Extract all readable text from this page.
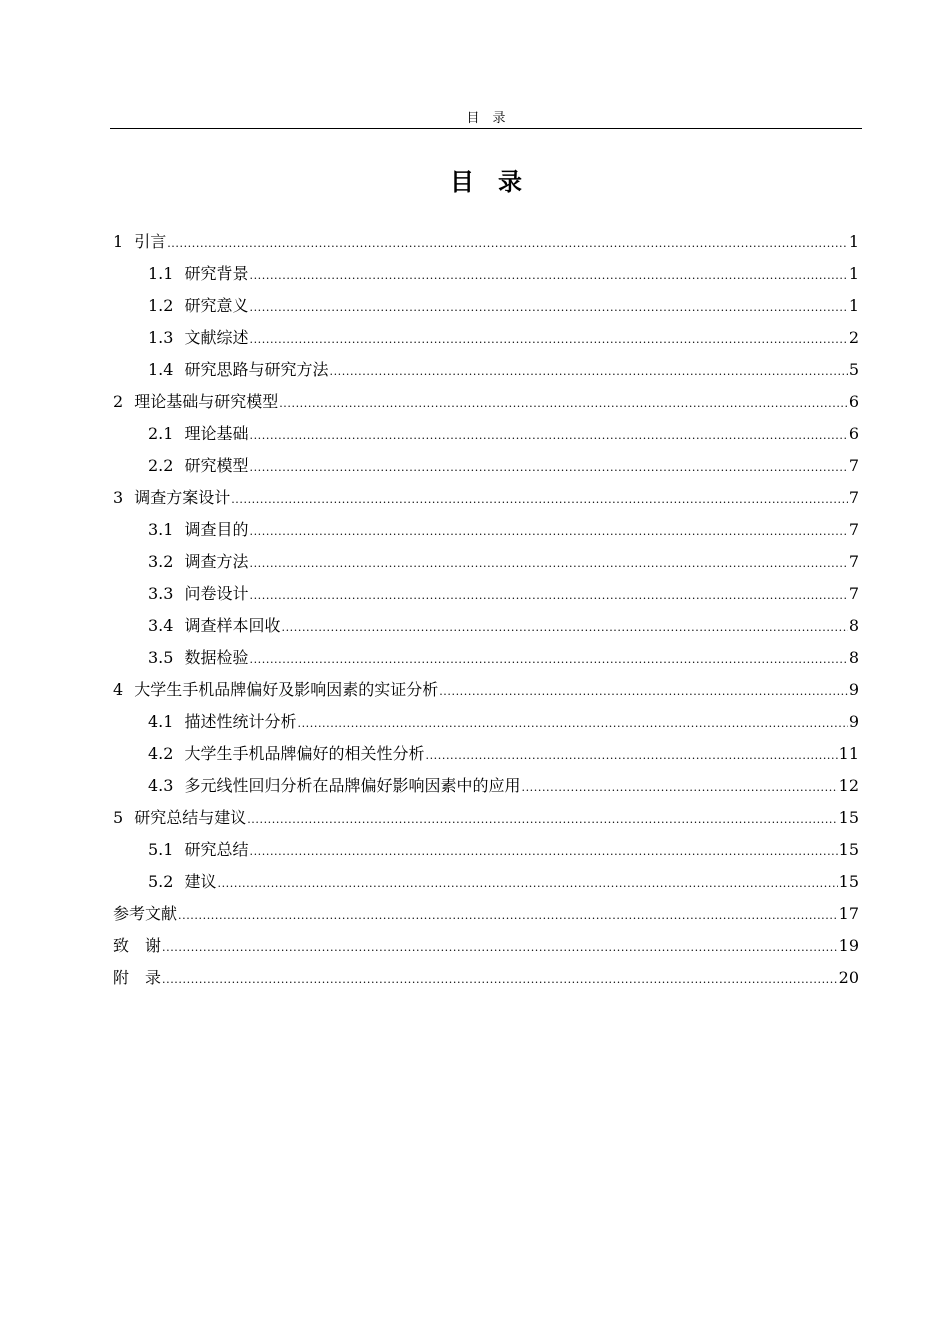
目　录
目　录
1 引言 .....	1
1.1 研究背景 .....	1
1.2 研究意义 .....	1
1.3 文献综述 .....	2
1.4 研究思路与研究方法 .....	5
2 理论基础与研究模型 .....	6
2.1 理论基础 .....	6
2.2 研究模型 .....	7
3 调查方案设计 .....	7
3.1 调查目的 .....	7
3.2 调查方法 .....	7
3.3 问卷设计 .....	7
3.4 调查样本回收 .....	8
3.5 数据检验 .....	8
4 大学生手机品牌偏好及影响因素的实证分析 .....	9
4.1 描述性统计分析 .....	9
4.2 大学生手机品牌偏好的相关性分析 .....	11
4.3 多元线性回归分析在品牌偏好影响因素中的应用 .....	12
5 研究总结与建议 .....	15
5.1 研究总结 .....	15
5.2 建议 .....	15
参考文献 .....	17
致　谢 .....	19
附　录 .....	20
